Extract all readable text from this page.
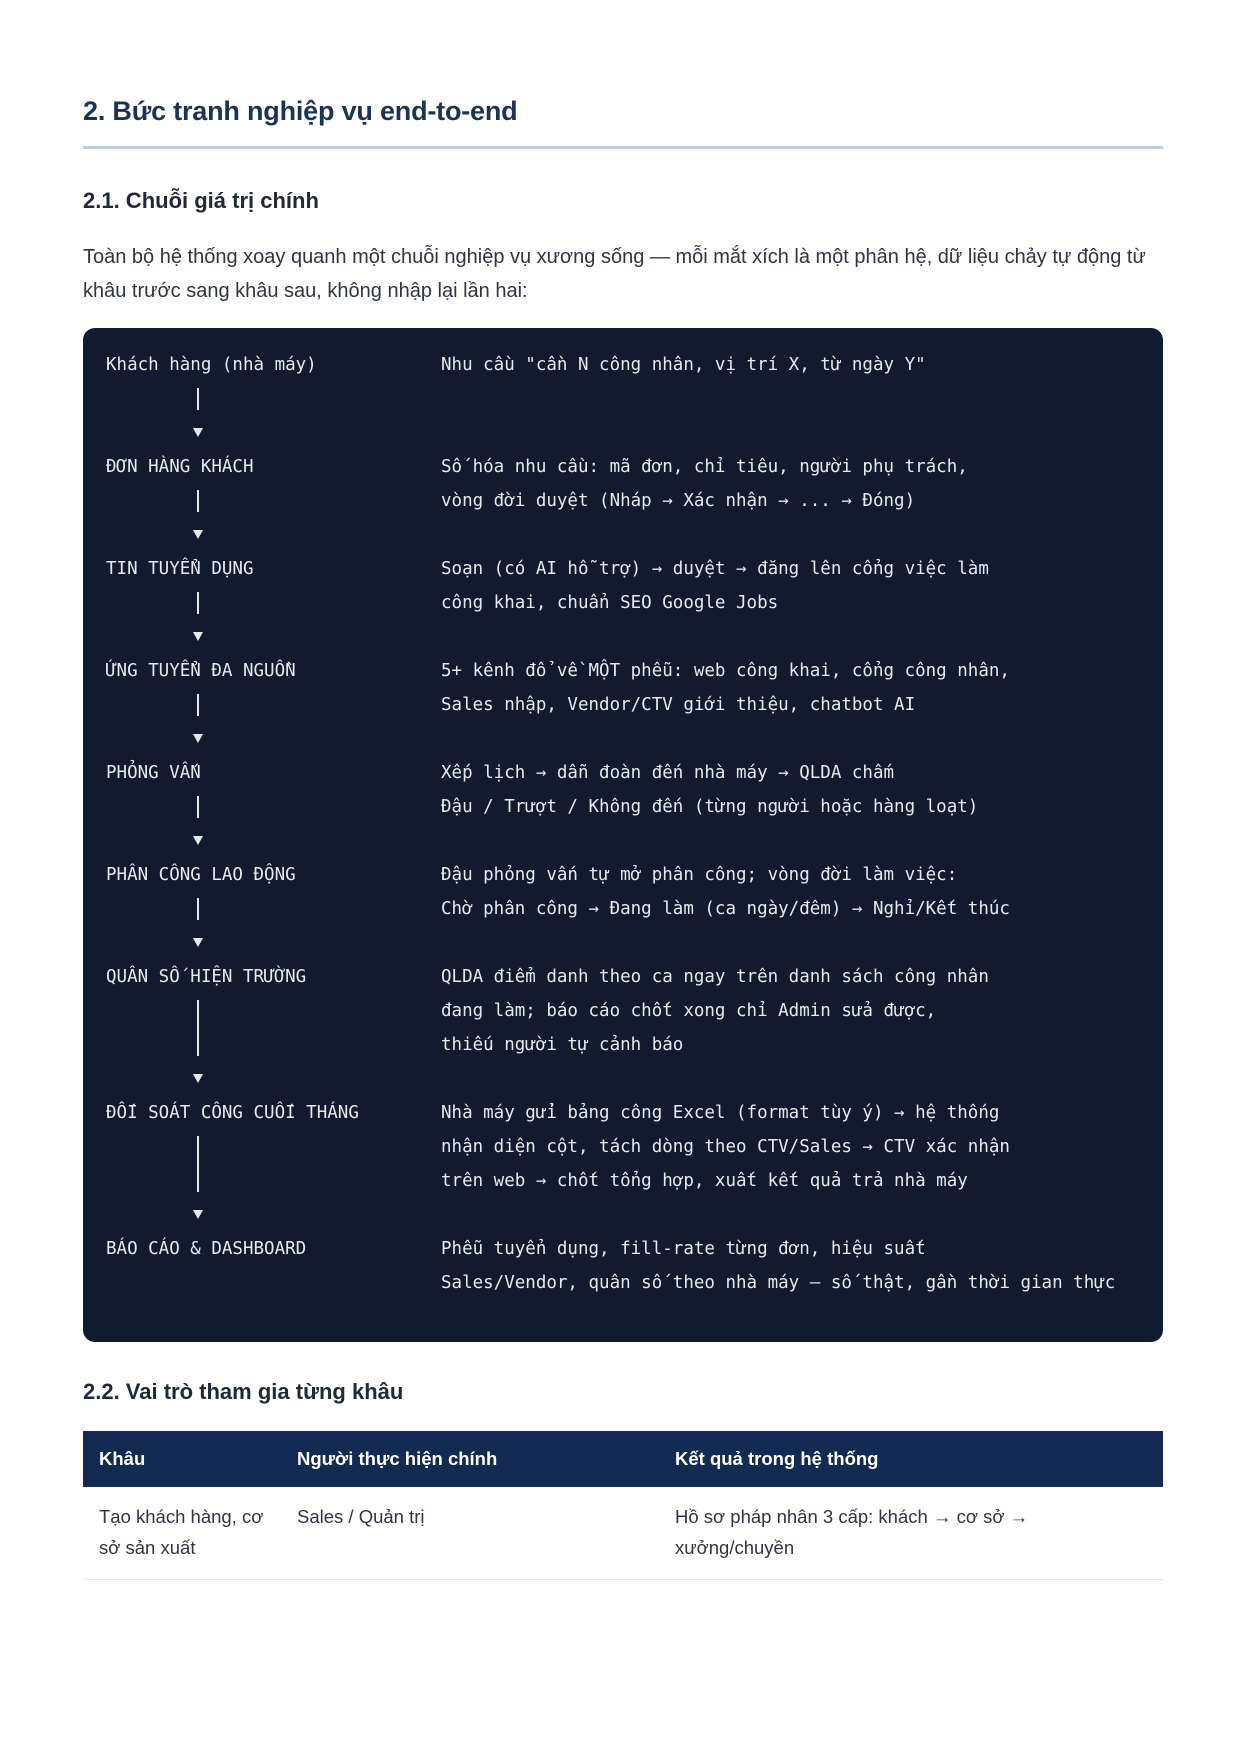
2. Bức tranh nghiệp vụ end-to-end
2.1. Chuỗi giá trị chính

Toàn bộ hệ thống xoay quanh một chuỗi nghiệp vụ xương sống — mỗi mắt xích là một phân hệ, dữ liệu chảy tự động từ khâu trước sang khâu sau, không nhập lại lần hai:

Khách hàng (nhà máy)	Nhu cầu "cần N công nhân, vị trí X, từ ngày Y"
ĐƠN HÀNG KHÁCH	Số hóa nhu cầu: mã đơn, chỉ tiêu, người phụ trách,
vòng đời duyệt (Nháp → Xác nhận → ... → Đóng)
TIN TUYỂN DỤNG	Soạn (có AI hỗ trợ) → duyệt → đăng lên cổng việc làm
công khai, chuẩn SEO Google Jobs
ỨNG TUYỂN ĐA NGUỒN	5+ kênh đổ về MỘT phễu: web công khai, cổng công nhân,
Sales nhập, Vendor/CTV giới thiệu, chatbot AI
PHỎNG VẤN	Xếp lịch → dẫn đoàn đến nhà máy → QLDA chấm
Đậu / Trượt / Không đến (từng người hoặc hàng loạt)
PHÂN CÔNG LAO ĐỘNG	Đậu phỏng vấn tự mở phân công; vòng đời làm việc:
Chờ phân công → Đang làm (ca ngày/đêm) → Nghỉ/Kết thúc
QUÂN SỐ HIỆN TRƯỜNG	QLDA điểm danh theo ca ngay trên danh sách công nhân
đang làm; báo cáo chốt xong chỉ Admin sửa được,
thiếu người tự cảnh báo
ĐỐI SOÁT CÔNG CUỐI THÁNG	Nhà máy gửi bảng công Excel (format tùy ý) → hệ thống
nhận diện cột, tách dòng theo CTV/Sales → CTV xác nhận
trên web → chốt tổng hợp, xuất kết quả trả nhà máy
BÁO CÁO & DASHBOARD	Phễu tuyển dụng, fill-rate từng đơn, hiệu suất
Sales/Vendor, quân số theo nhà máy — số thật, gần thời gian thực
2.2. Vai trò tham gia từng khâu
Khâu	Người thực hiện chính	Kết quả trong hệ thống
Tạo khách hàng, cơ sở sản xuất	Sales / Quản trị	Hồ sơ pháp nhân 3 cấp: khách → cơ sở → xưởng/chuyền
